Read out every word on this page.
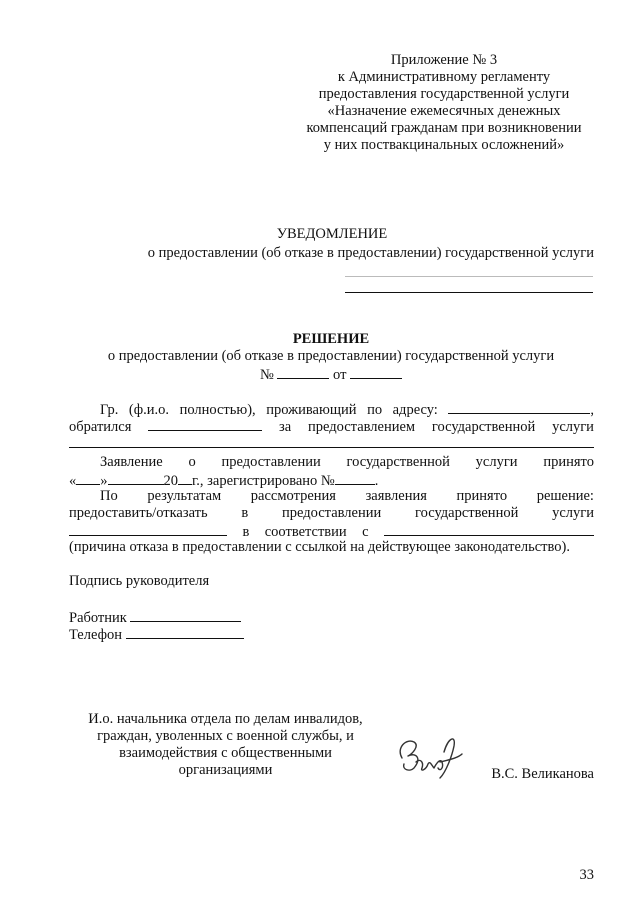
Приложение № 3
к Административному регламенту
предоставления государственной услуги
«Назначение ежемесячных денежных
компенсаций гражданам при возникновении
у них поствакцинальных осложнений»
УВЕДОМЛЕНИЕ
о предоставлении (об отказе в предоставлении) государственной услуги
РЕШЕНИЕ
о предоставлении (об отказе в предоставлении) государственной услуги
№	от
Гр. (ф.и.о. полностью), проживающий по адресу:	,
обратился	за предоставлением государственной услуги
Заявление о предоставлении государственной услуги принято
« »	20 г., зарегистрировано №	.
По результатам рассмотрения заявления принято решение:
предоставить/отказать в предоставлении государственной услуги
в соответствии с
(причина отказа в предоставлении с ссылкой на действующее законодательство).
Подпись руководителя
Работник
Телефон
И.о. начальника отдела по делам инвалидов,
граждан, уволенных с военной службы, и
взаимодействия с общественными
организациями	В.С. Великанова
33
